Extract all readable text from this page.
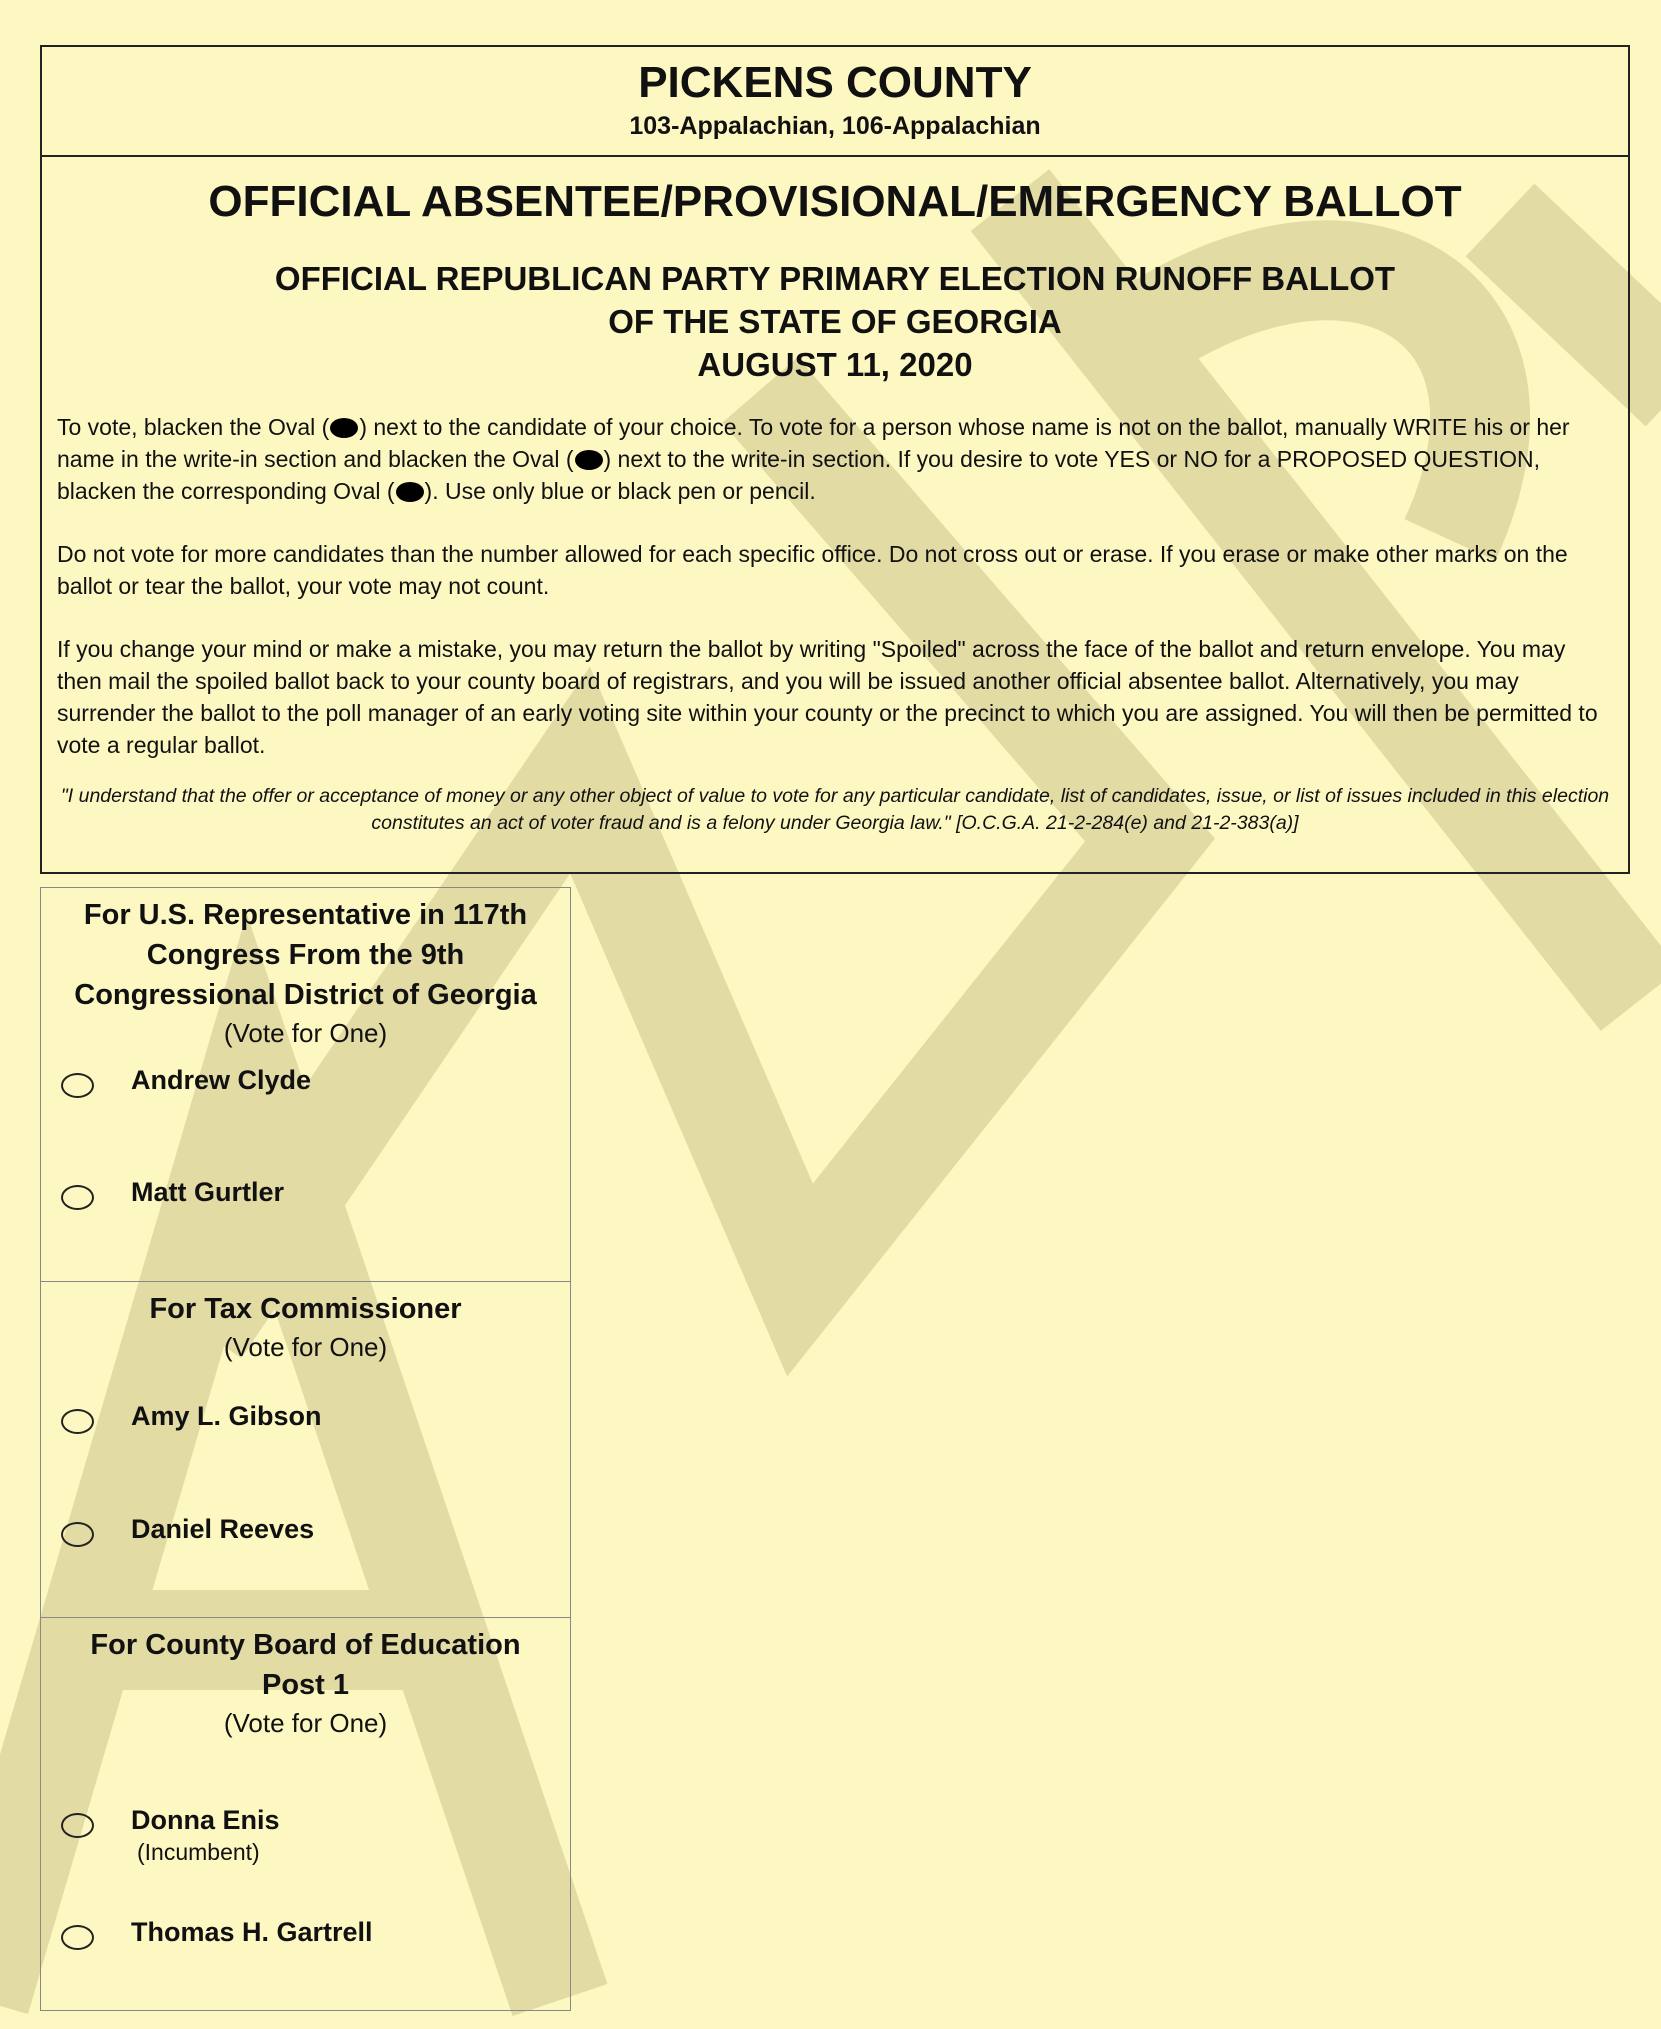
PICKENS COUNTY
103-Appalachian, 106-Appalachian
OFFICIAL ABSENTEE/PROVISIONAL/EMERGENCY BALLOT
OFFICIAL REPUBLICAN PARTY PRIMARY ELECTION RUNOFF BALLOT
OF THE STATE OF GEORGIA
AUGUST 11, 2020

To vote, blacken the Oval ( ) next to the candidate of your choice. To vote for a person whose name is not on the ballot, manually WRITE his or her name in the write-in section and blacken the Oval ( ) next to the write-in section. If you desire to vote YES or NO for a PROPOSED QUESTION, blacken the corresponding Oval ( ). Use only blue or black pen or pencil.

Do not vote for more candidates than the number allowed for each specific office. Do not cross out or erase. If you erase or make other marks on the ballot or tear the ballot, your vote may not count.

If you change your mind or make a mistake, you may return the ballot by writing "Spoiled" across the face of the ballot and return envelope. You may then mail the spoiled ballot back to your county board of registrars, and you will be issued another official absentee ballot. Alternatively, you may surrender the ballot to the poll manager of an early voting site within your county or the precinct to which you are assigned. You will then be permitted to vote a regular ballot.

"I understand that the offer or acceptance of money or any other object of value to vote for any particular candidate, list of candidates, issue, or list of issues included in this election constitutes an act of voter fraud and is a felony under Georgia law." [O.C.G.A. 21-2-284(e) and 21-2-383(a)]
For U.S. Representative in 117th
Congress From the 9th
Congressional District of Georgia
(Vote for One)
Andrew Clyde
Matt Gurtler
For Tax Commissioner
(Vote for One)
Amy L. Gibson
Daniel Reeves
For County Board of Education
Post 1
(Vote for One)
Donna Enis
(Incumbent)
Thomas H. Gartrell
